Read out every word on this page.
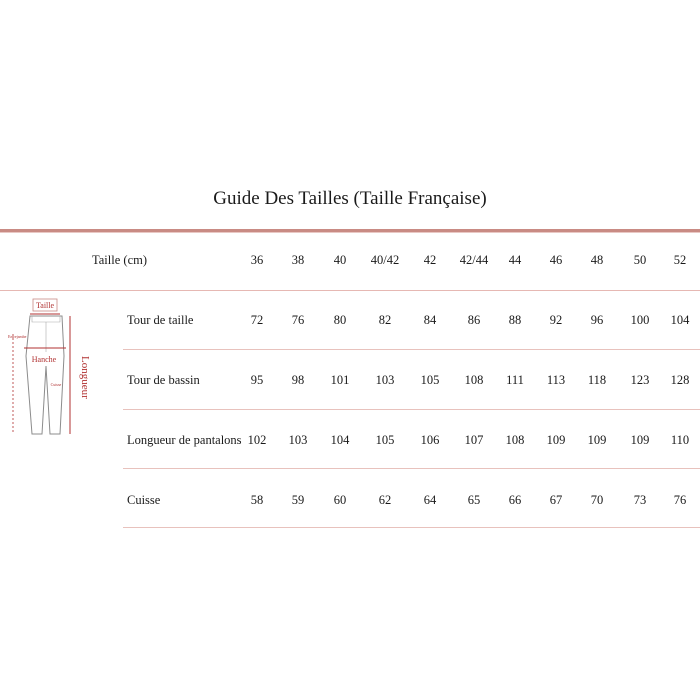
Guide Des Tailles (Taille Française)
Taille (cm)	36 38 40 40/42 42 42/44 44 46 48 50 52
Tour de taille	72 76 80	82	84	86 88 92 96 100 104
Tour de bassin	95 98 101 103 105 108 111 113 118 123 128
Longueur de pantalons 102 103 104 105 106 107 108 109 109 109 110
Cuisse	58 59 60	62	64	65 66 67 70 73 76
Taille
Hanche
Cuisse
Entrejambe
Longueur
